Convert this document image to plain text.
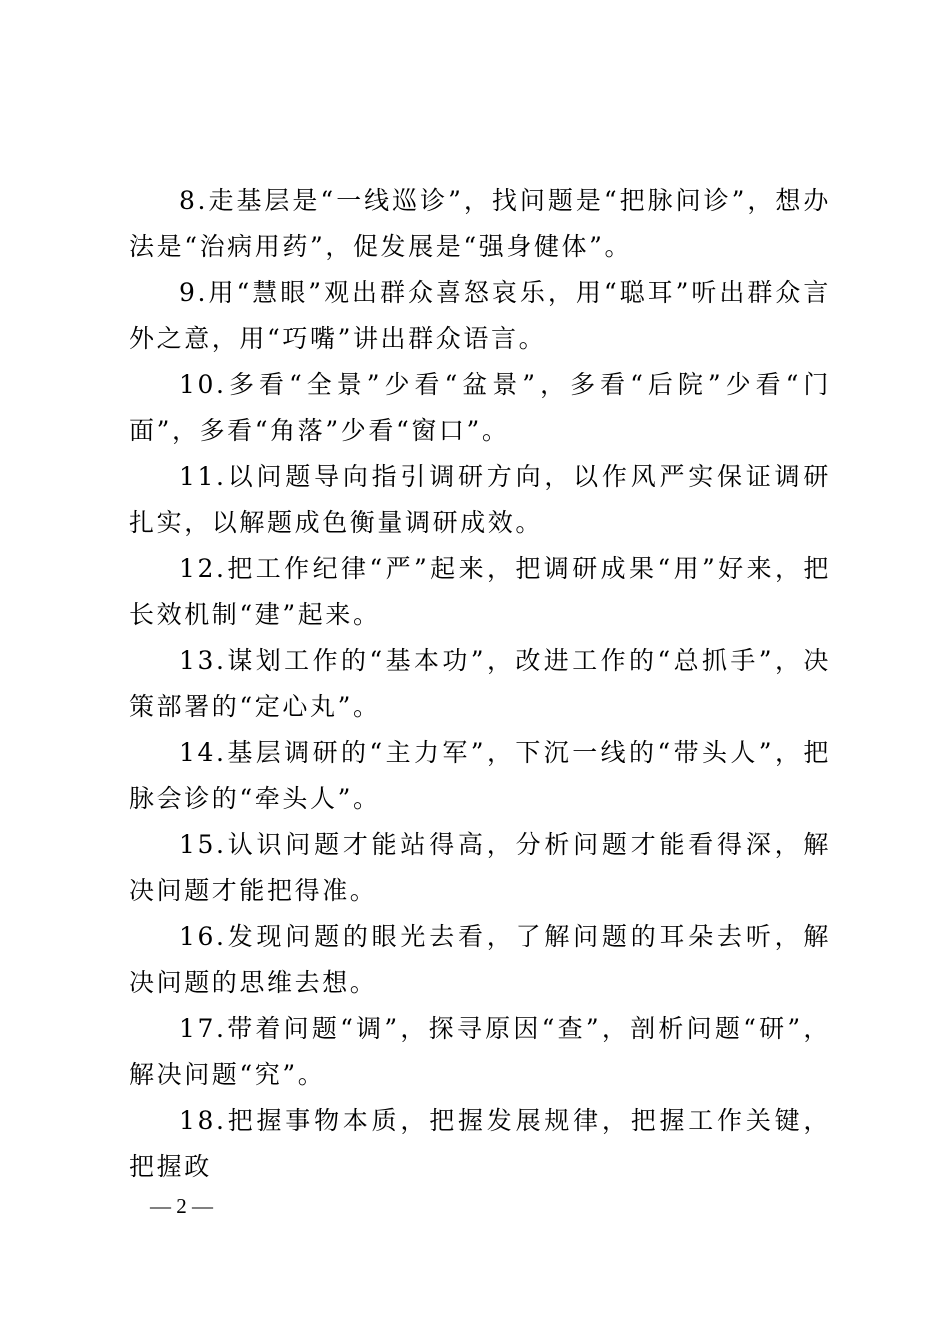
8.走基层是“一线巡诊”，找问题是“把脉问诊”，想办法是“治病用药”，促发展是“强身健体”。

9.用“慧眼”观出群众喜怒哀乐，用“聪耳”听出群众言外之意，用“巧嘴”讲出群众语言。

10.多看“全景”少看“盆景”，多看“后院”少看“门面”，多看“角落”少看“窗口”。

11.以问题导向指引调研方向，以作风严实保证调研扎实，以解题成色衡量调研成效。

12.把工作纪律“严”起来，把调研成果“用”好来，把长效机制“建”起来。

13.谋划工作的“基本功”，改进工作的“总抓手”，决策部署的“定心丸”。

14.基层调研的“主力军”，下沉一线的“带头人”，把脉会诊的“牵头人”。

15.认识问题才能站得高，分析问题才能看得深，解决问题才能把得准。

16.发现问题的眼光去看，了解问题的耳朵去听，解决问题的思维去想。

17.带着问题“调”，探寻原因“查”，剖析问题“研”，解决问题“究”。

18.把握事物本质，把握发展规律，把握工作关键，把握政

— 2 —
